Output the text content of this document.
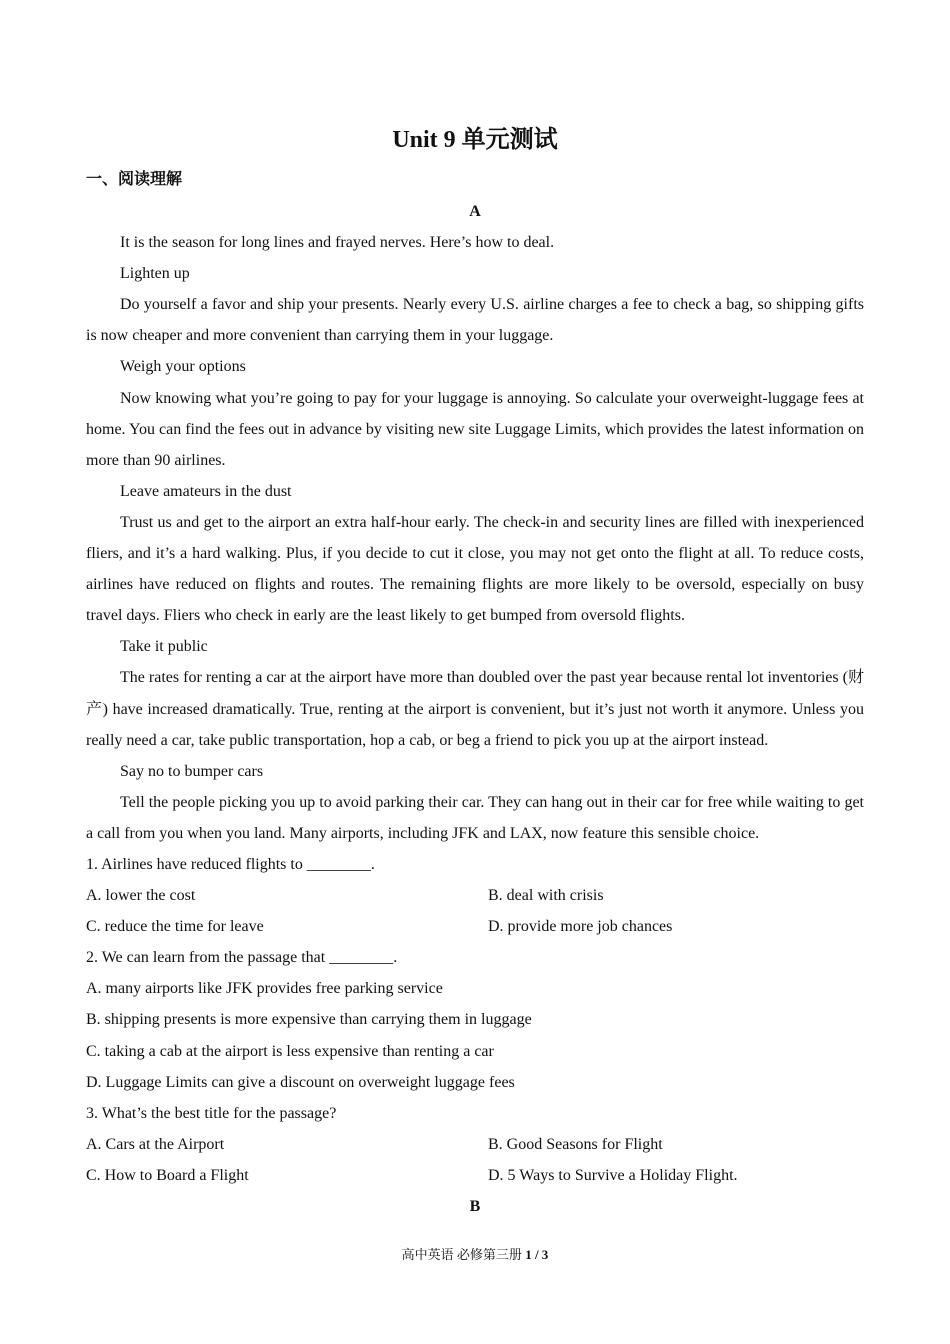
Unit 9 单元测试
一、阅读理解

A

It is the season for long lines and frayed nerves. Here’s how to deal.

Lighten up

Do yourself a favor and ship your presents. Nearly every U.S. airline charges a fee to check a bag, so shipping gifts is now cheaper and more convenient than carrying them in your luggage.

Weigh your options

Now knowing what you’re going to pay for your luggage is annoying. So calculate your overweight-luggage fees at home. You can find the fees out in advance by visiting new site Luggage Limits, which provides the latest information on more than 90 airlines.

Leave amateurs in the dust

Trust us and get to the airport an extra half-hour early. The check-in and security lines are filled with inexperienced fliers, and it’s a hard walking. Plus, if you decide to cut it close, you may not get onto the flight at all. To reduce costs, airlines have reduced on flights and routes. The remaining flights are more likely to be oversold, especially on busy travel days. Fliers who check in early are the least likely to get bumped from oversold flights.

Take it public

The rates for renting a car at the airport have more than doubled over the past year because rental lot inventories (财产) have increased dramatically. True, renting at the airport is convenient, but it’s just not worth it anymore. Unless you really need a car, take public transportation, hop a cab, or beg a friend to pick you up at the airport instead.

Say no to bumper cars

Tell the people picking you up to avoid parking their car. They can hang out in their car for free while waiting to get a call from you when you land. Many airports, including JFK and LAX, now feature this sensible choice.

1. Airlines have reduced flights to ________.

A. lower the cost	B. deal with crisis
C. reduce the time for leave	D. provide more job chances

2. We can learn from the passage that ________.

A. many airports like JFK provides free parking service

B. shipping presents is more expensive than carrying them in luggage

C. taking a cab at the airport is less expensive than renting a car

D. Luggage Limits can give a discount on overweight luggage fees

3. What’s the best title for the passage?

A. Cars at the Airport	B. Good Seasons for Flight
C. How to Board a Flight	D. 5 Ways to Survive a Holiday Flight.

B

高中英语 必修第三册 1 / 3
